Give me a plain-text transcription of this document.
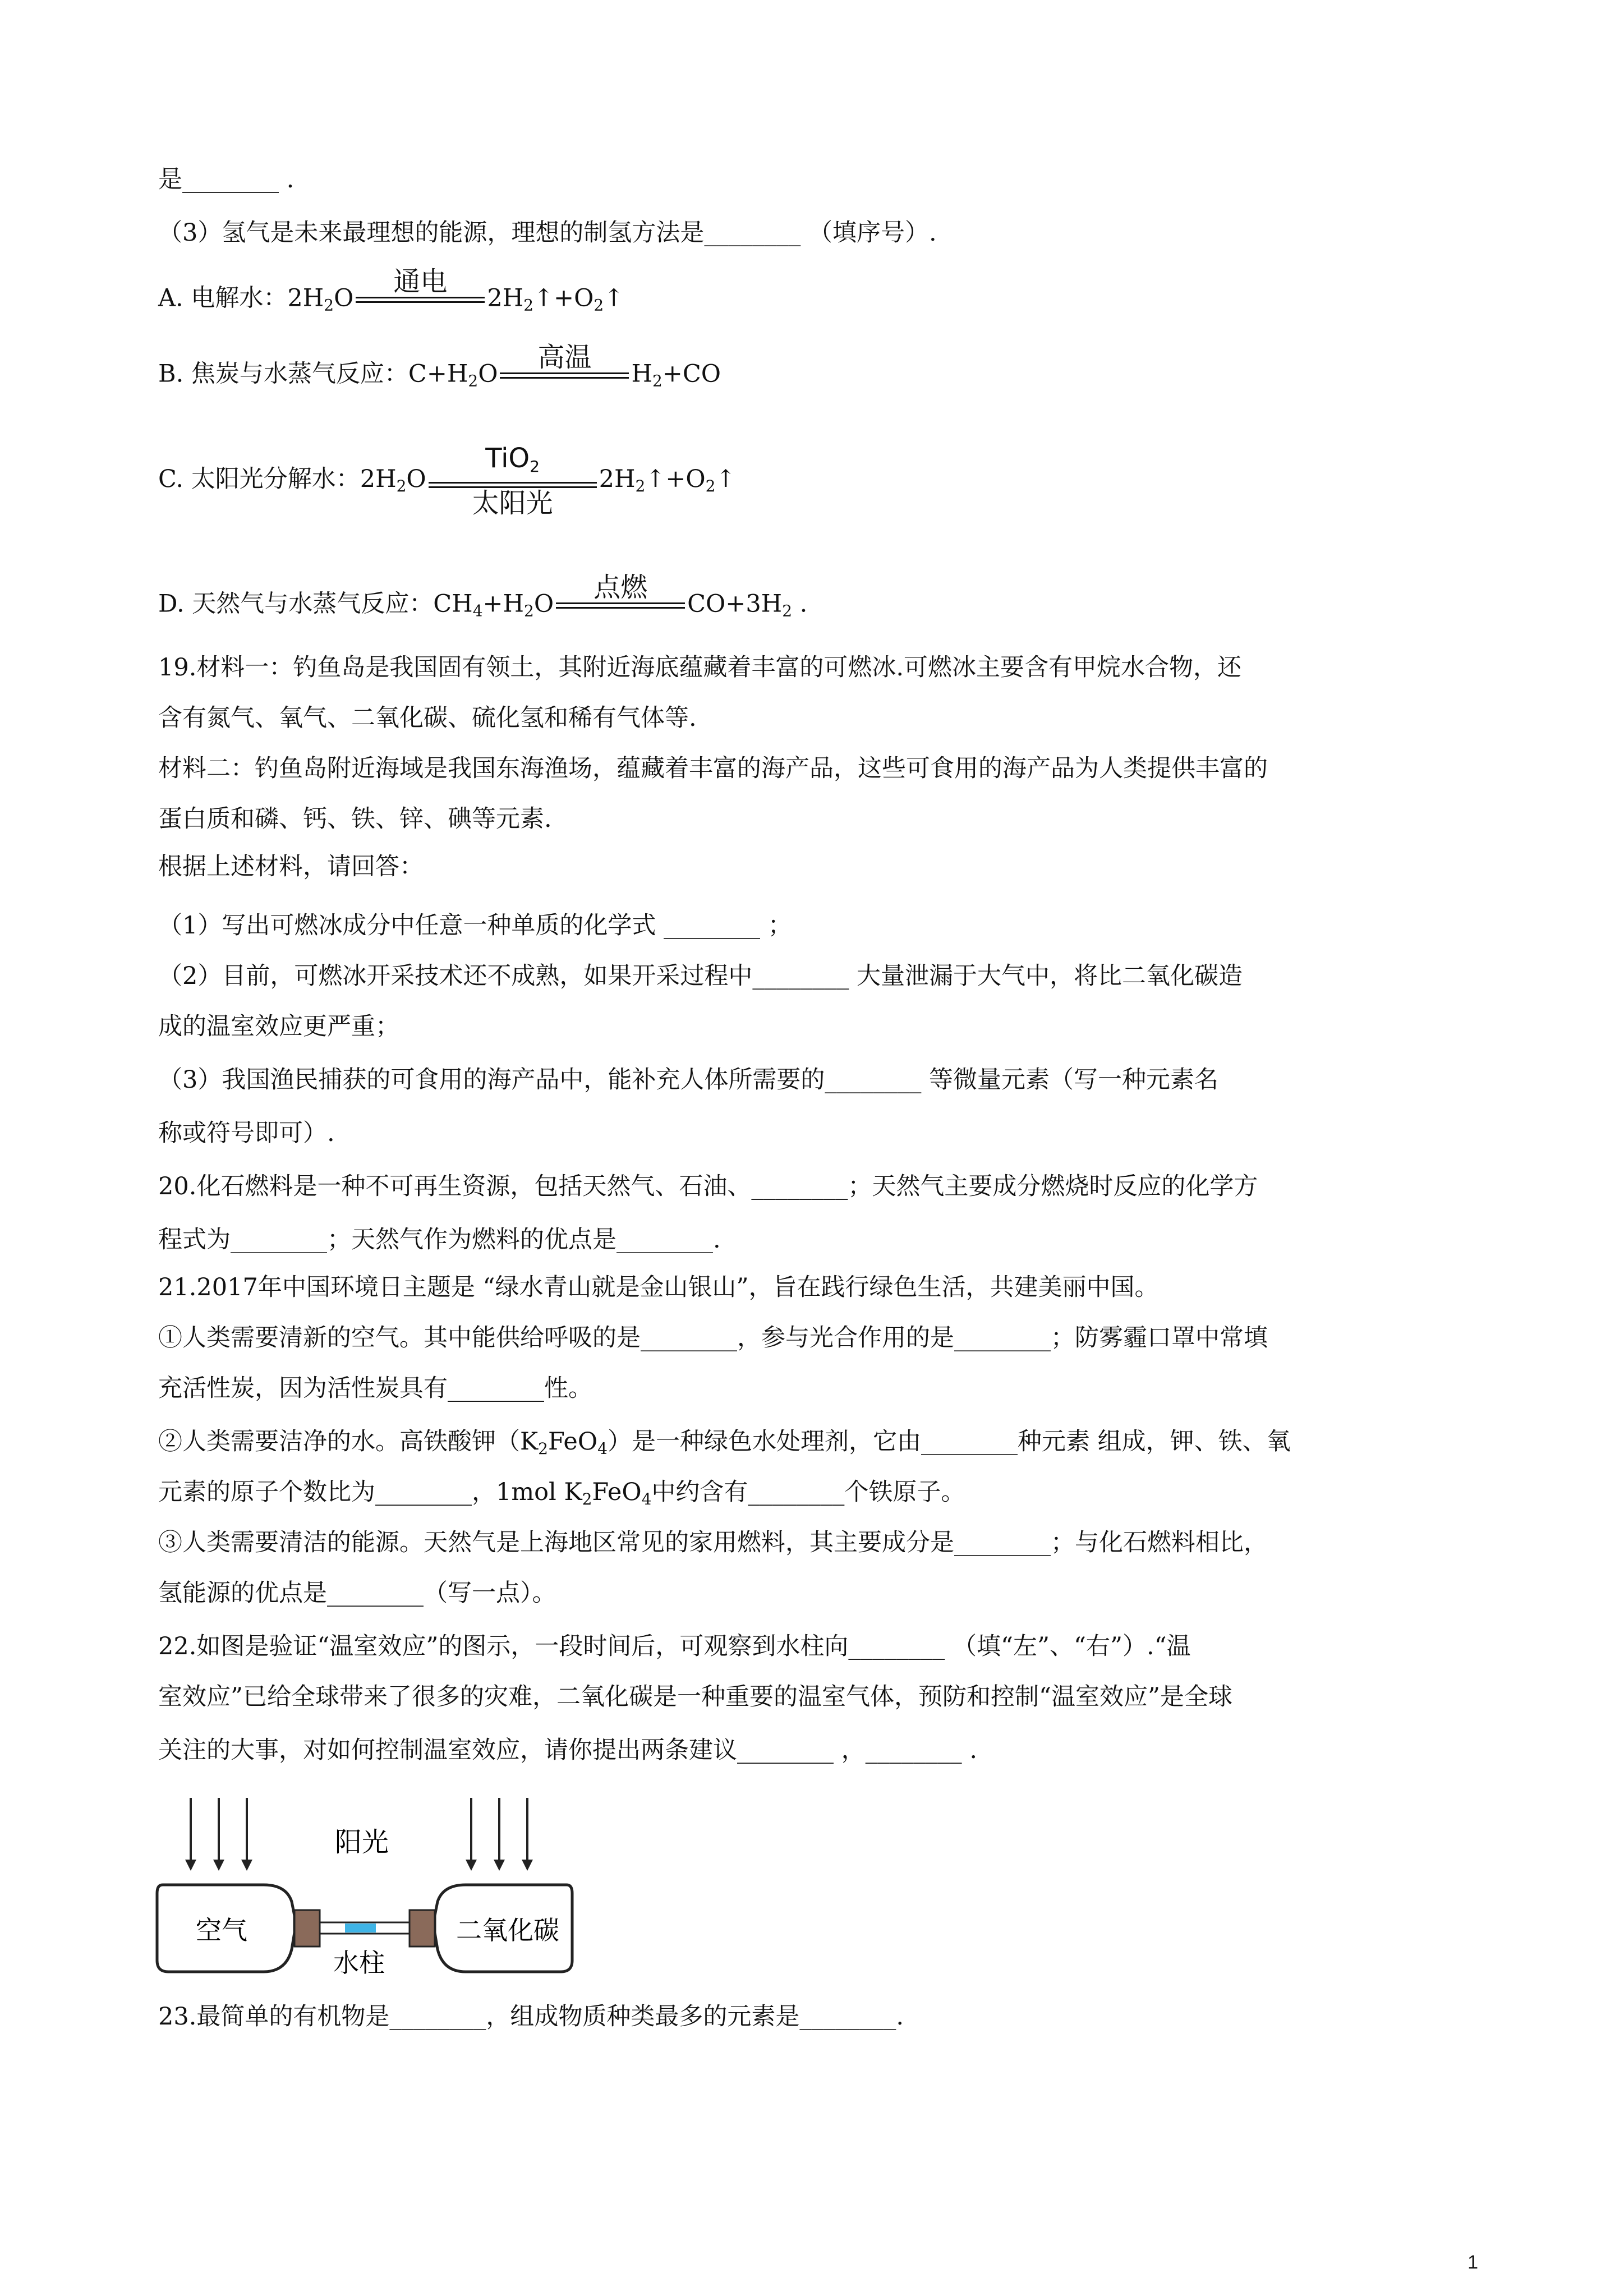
是________ .

（3）氢气是未来最理想的能源，理想的制氢方法是________ （填序号）.

A. 电解水：$2H_2O$
通电

$2H_2↑+O_2↑$
B. 焦炭与水蒸气反应：$C+H_2O$
高温

$H_2+CO$
C. 太阳光分解水：$2H_2O$
TiO$_2$
太阳光
$2H_2↑+O_2↑$
D. 天然气与水蒸气反应：$CH_4+H_2O$
点燃

$CO+3H_2$ .

19.材料一：钓鱼岛是我国固有领土，其附近海底蕴藏着丰富的可燃冰.可燃冰主要含有甲烷水合物，还

含有氮气、氧气、二氧化碳、硫化氢和稀有气体等.

材料二：钓鱼岛附近海域是我国东海渔场，蕴藏着丰富的海产品，这些可食用的海产品为人类提供丰富的

蛋白质和磷、钙、铁、锌、碘等元素.

根据上述材料，请回答：

（1）写出可燃冰成分中任意一种单质的化学式 ________ ；

（2）目前，可燃冰开采技术还不成熟，如果开采过程中________ 大量泄漏于大气中，将比二氧化碳造

成的温室效应更严重；

（3）我国渔民捕获的可食用的海产品中，能补充人体所需要的________ 等微量元素（写一种元素名

称或符号即可）.

20.化石燃料是一种不可再生资源，包括天然气、石油、________；天然气主要成分燃烧时反应的化学方

程式为________；天然气作为燃料的优点是________.

21.2017年中国环境日主题是 “绿水青山就是金山银山”，旨在践行绿色生活，共建美丽中国。

①人类需要清新的空气。其中能供给呼吸的是________，参与光合作用的是________；防雾霾口罩中常填

充活性炭，因为活性炭具有________性。

②人类需要洁净的水。高铁酸钾$(K_2FeO_4)$是一种绿色水处理剂，它由________种元素 组成，钾、铁、氧
元素的原子个数比为________，1mol $K_2FeO_4$中约含有________个铁原子。

③人类需要清洁的能源。天然气是上海地区常见的家用燃料，其主要成分是________；与化石燃料相比，

氢能源的优点是________（写一点）。

22.如图是验证“温室效应”的图示，一段时间后，可观察到水柱向________ （填“左”、“右”）.“温

室效应”已给全球带来了很多的灾难，二氧化碳是一种重要的温室气体，预防和控制“温室效应”是全球

关注的大事，对如何控制温室效应，请你提出两条建议________ ，________ .

阳光
空气	二氧化碳
水柱

23.最简单的有机物是________，组成物质种类最多的元素是________.

1
